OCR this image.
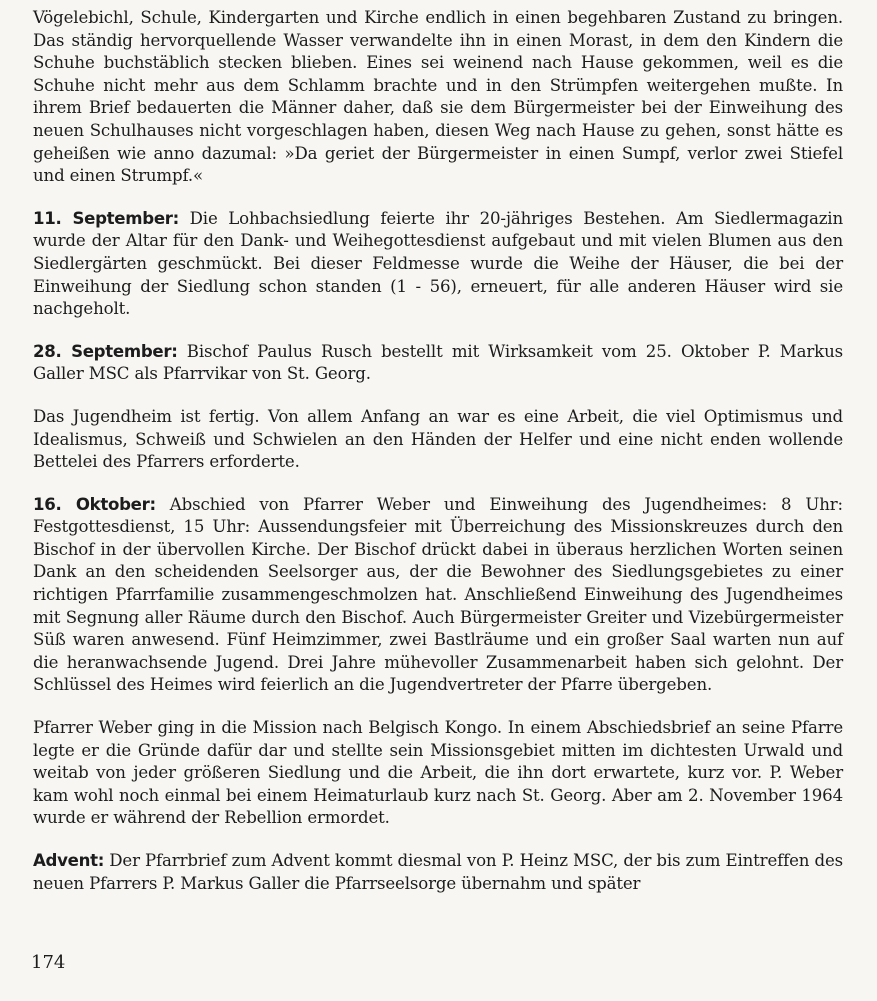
Vögelebichl, Schule, Kindergarten und Kirche endlich in einen begehbaren Zustand zu bringen. Das ständig hervorquellende Wasser verwandelte ihn in einen Morast, in dem den Kindern die Schuhe buchstäblich stecken blieben. Eines sei weinend nach Hause gekommen, weil es die Schuhe nicht mehr aus dem Schlamm brachte und in den Strümpfen weitergehen mußte. In ihrem Brief bedauerten die Männer daher, daß sie dem Bürgermeister bei der Einweihung des neuen Schulhauses nicht vorgeschlagen haben, diesen Weg nach Hause zu gehen, sonst hätte es geheißen wie anno dazumal: »Da geriet der Bürgermeister in einen Sumpf, verlor zwei Stiefel und einen Strumpf.«

11. September: Die Lohbachsiedlung feierte ihr 20-jähriges Bestehen. Am Siedlermagazin wurde der Altar für den Dank- und Weihegottesdienst aufgebaut und mit vielen Blumen aus den Siedlergärten geschmückt. Bei dieser Feldmesse wurde die Weihe der Häuser, die bei der Einweihung der Siedlung schon standen (1 - 56), erneuert, für alle anderen Häuser wird sie nachgeholt.

28. September: Bischof Paulus Rusch bestellt mit Wirksamkeit vom 25. Oktober P. Markus Galler MSC als Pfarrvikar von St. Georg.

Das Jugendheim ist fertig. Von allem Anfang an war es eine Arbeit, die viel Optimismus und Idealismus, Schweiß und Schwielen an den Händen der Helfer und eine nicht enden wollende Bettelei des Pfarrers erforderte.

16. Oktober: Abschied von Pfarrer Weber und Einweihung des Jugendheimes: 8 Uhr: Festgottesdienst, 15 Uhr: Aussendungsfeier mit Überreichung des Missionskreuzes durch den Bischof in der übervollen Kirche. Der Bischof drückt dabei in überaus herzlichen Worten seinen Dank an den scheidenden Seelsorger aus, der die Bewohner des Siedlungsgebietes zu einer richtigen Pfarrfamilie zusammengeschmolzen hat. Anschließend Einweihung des Jugendheimes mit Segnung aller Räume durch den Bischof. Auch Bürgermeister Greiter und Vizebürgermeister Süß waren anwesend. Fünf Heimzimmer, zwei Bastlräume und ein großer Saal warten nun auf die heranwachsende Jugend. Drei Jahre mühevoller Zusammenarbeit haben sich gelohnt. Der Schlüssel des Heimes wird feierlich an die Jugendvertreter der Pfarre übergeben.

Pfarrer Weber ging in die Mission nach Belgisch Kongo. In einem Abschiedsbrief an seine Pfarre legte er die Gründe dafür dar und stellte sein Missionsgebiet mitten im dichtesten Urwald und weitab von jeder größeren Siedlung und die Arbeit, die ihn dort erwartete, kurz vor. P. Weber kam wohl noch einmal bei einem Heimaturlaub kurz nach St. Georg. Aber am 2. November 1964 wurde er während der Rebellion ermordet.

Advent: Der Pfarrbrief zum Advent kommt diesmal von P. Heinz MSC, der bis zum Eintreffen des neuen Pfarrers P. Markus Galler die Pfarrseelsorge übernahm und später

174
